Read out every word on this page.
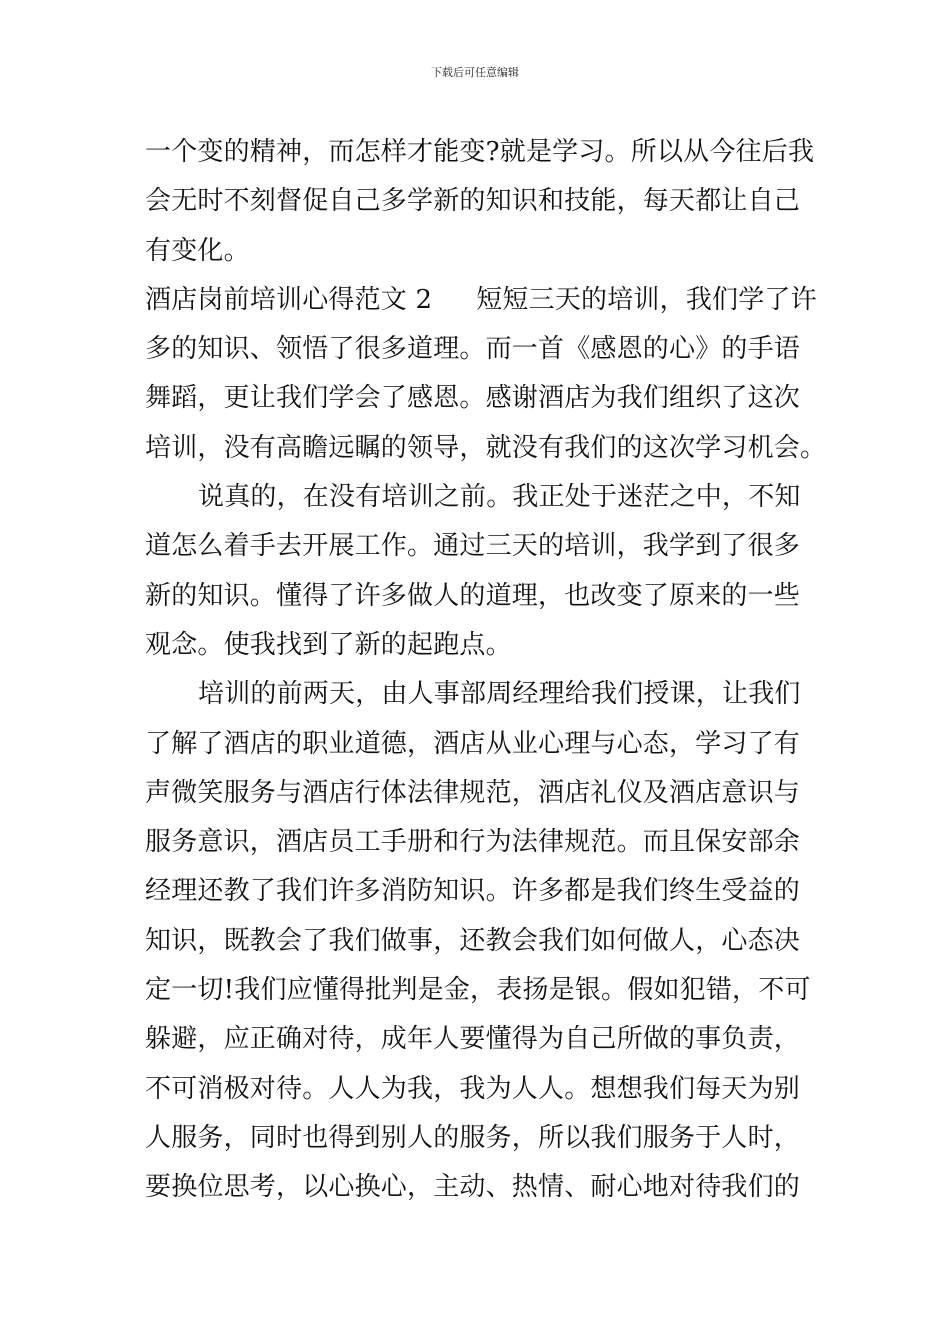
下载后可任意编辑
一个变的精神，而怎样才能变?就是学习。所以从今往后我
会无时不刻督促自己多学新的知识和技能，每天都让自己
有变化。
酒店岗前培训心得范文 2 短短三天的培训，我们学了许
多的知识、领悟了很多道理。而一首《感恩的心》的手语
舞蹈，更让我们学会了感恩。感谢酒店为我们组织了这次
培训，没有高瞻远瞩的领导，就没有我们的这次学习机会。
说真的，在没有培训之前。我正处于迷茫之中，不知
道怎么着手去开展工作。通过三天的培训，我学到了很多
新的知识。懂得了许多做人的道理，也改变了原来的一些
观念。使我找到了新的起跑点。
培训的前两天，由人事部周经理给我们授课，让我们
了解了酒店的职业道德，酒店从业心理与心态，学习了有
声微笑服务与酒店行体法律规范，酒店礼仪及酒店意识与
服务意识，酒店员工手册和行为法律规范。而且保安部余
经理还教了我们许多消防知识。许多都是我们终生受益的
知识，既教会了我们做事，还教会我们如何做人，心态决
定一切!我们应懂得批判是金，表扬是银。假如犯错，不可
躲避，应正确对待，成年人要懂得为自己所做的事负责，
不可消极对待。人人为我，我为人人。想想我们每天为别
人服务，同时也得到别人的服务，所以我们服务于人时，
要换位思考，以心换心，主动、热情、耐心地对待我们的
